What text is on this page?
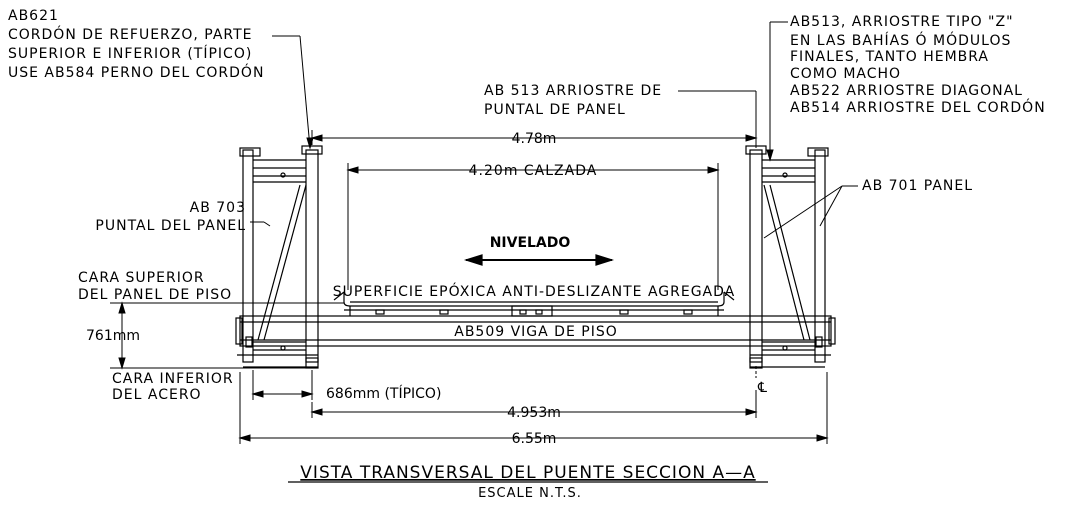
AB621
CORDÓN DE REFUERZO, PARTE
SUPERIOR E INFERIOR (TÍPICO)
USE AB584 PERNO DEL CORDÓN
AB513, ARRIOSTRE TIPO "Z"
EN LAS BAHÍAS Ó MÓDULOS
FINALES, TANTO HEMBRA
COMO MACHO
AB522 ARRIOSTRE DIAGONAL
AB514 ARRIOSTRE DEL CORDÓN
AB 513 ARRIOSTRE DE
PUNTAL DE PANEL
AB 703
PUNTAL DEL PANEL
AB 701 PANEL
CARA SUPERIOR
DEL PANEL DE PISO
CARA INFERIOR
DEL ACERO
4.78m
4.20m CALZADA
761mm
686mm (TÍPICO)
4.953m
6.55m
NIVELADO
SUPERFICIE EPÓXICA ANTI-DESLIZANTE AGREGADA
AB509 VIGA DE PISO
℄
VISTA TRANSVERSAL DEL PUENTE SECCION A—A
ESCALE N.T.S.
